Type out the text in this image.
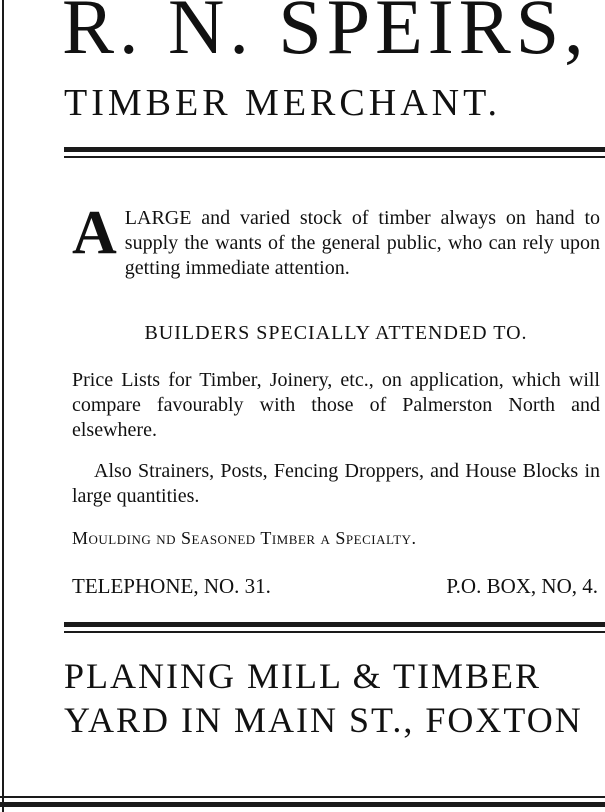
R. N. SPEIRS,
TIMBER MERCHANT.
A LARGE and varied stock of timber always on hand to supply the wants of the general public, who can rely upon getting immediate attention.
BUILDERS SPECIALLY ATTENDED TO.
Price Lists for Timber, Joinery, etc., on application, which will compare favourably with those of Palmerston North and elsewhere.
Also Strainers, Posts, Fencing Droppers, and House Blocks in large quantities.
Moulding nd Seasoned Timber a Specialty.
TELEPHONE, NO. 31.	P.O. BOX, NO, 4.
PLANING MILL & TIMBER
YARD IN MAIN ST., FOXTON
